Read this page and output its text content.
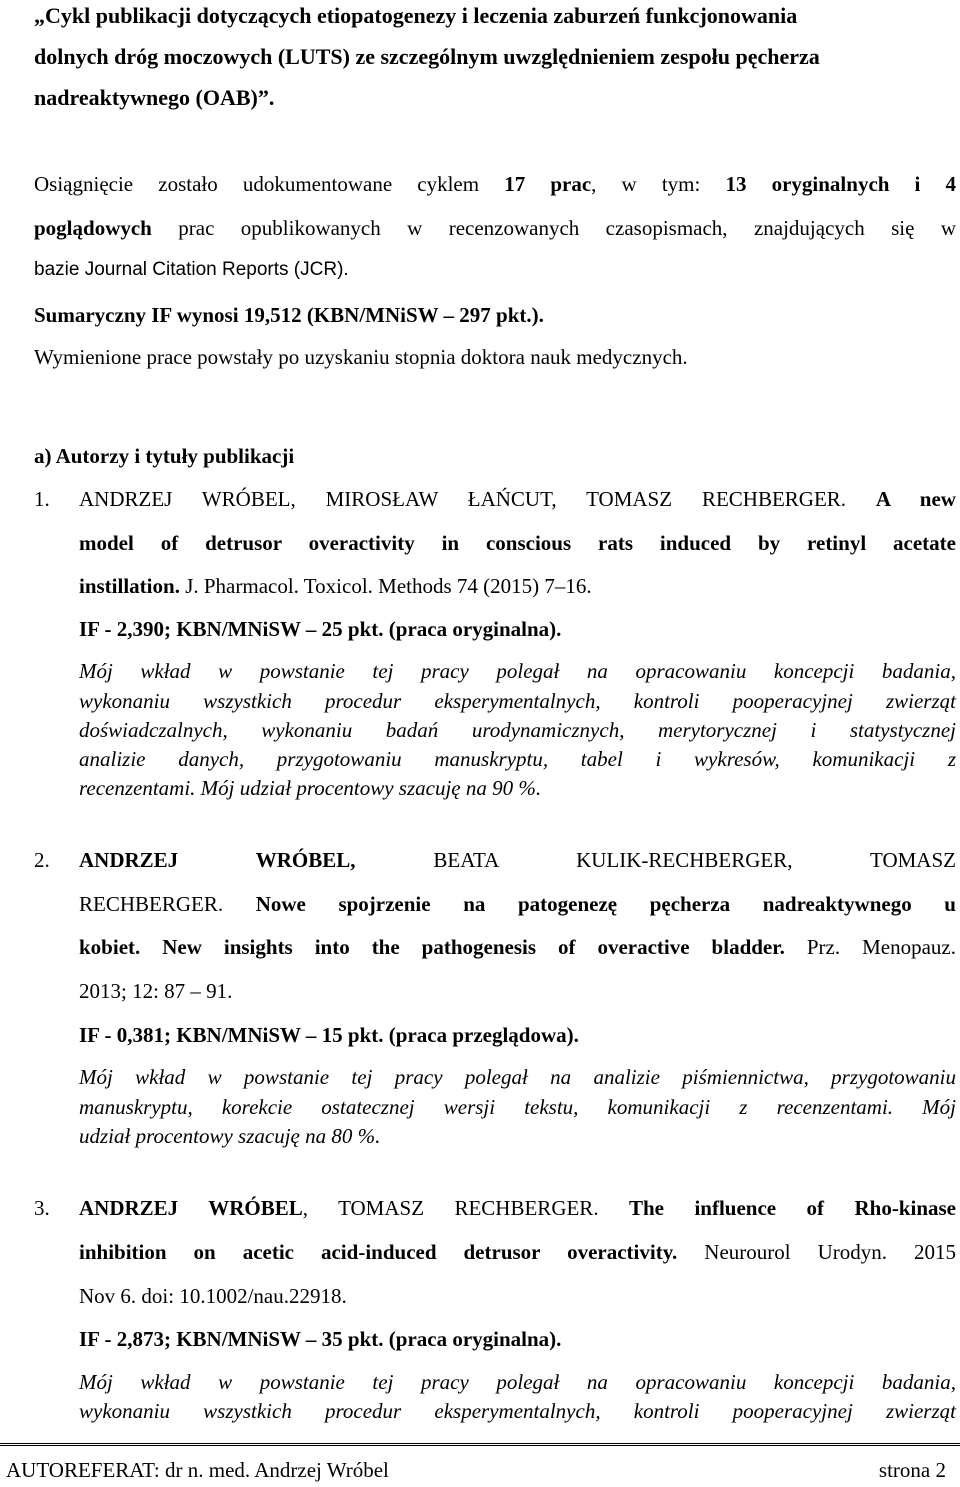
„Cykl publikacji dotyczących etiopatogenezy i leczenia zaburzeń funkcjonowania

dolnych dróg moczowych (LUTS) ze szczególnym uwzględnieniem zespołu pęcherza

nadreaktywnego (OAB)”.

Osiągnięcie zostało udokumentowane cyklem 17 prac, w tym: 13 oryginalnych i 4

poglądowych prac opublikowanych w recenzowanych czasopismach, znajdujących się w

bazie Journal Citation Reports (JCR).

Sumaryczny IF wynosi 19,512 (KBN/MNiSW – 297 pkt.).

Wymienione prace powstały po uzyskaniu stopnia doktora nauk medycznych.

a) Autorzy i tytuły publikacji

1. ANDRZEJ WRÓBEL, MIROSŁAW ŁAŃCUT, TOMASZ RECHBERGER. A new

model of detrusor overactivity in conscious rats induced by retinyl acetate

instillation. J. Pharmacol. Toxicol. Methods 74 (2015) 7–16.

IF - 2,390; KBN/MNiSW – 25 pkt. (praca oryginalna).

Mój wkład w powstanie tej pracy polegał na opracowaniu koncepcji badania,

wykonaniu wszystkich procedur eksperymentalnych, kontroli pooperacyjnej zwierząt

doświadczalnych, wykonaniu badań urodynamicznych, merytorycznej i statystycznej

analizie danych, przygotowaniu manuskryptu, tabel i wykresów, komunikacji z

recenzentami. Mój udział procentowy szacuję na 90 %.

2. ANDRZEJ WRÓBEL, BEATA KULIK-RECHBERGER, TOMASZ

RECHBERGER. Nowe spojrzenie na patogenezę pęcherza nadreaktywnego u

kobiet. New insights into the pathogenesis of overactive bladder. Prz. Menopauz.

2013; 12: 87 – 91.

IF - 0,381; KBN/MNiSW – 15 pkt. (praca przeglądowa).

Mój wkład w powstanie tej pracy polegał na analizie piśmiennictwa, przygotowaniu

manuskryptu, korekcie ostatecznej wersji tekstu, komunikacji z recenzentami. Mój

udział procentowy szacuję na 80 %.

3. ANDRZEJ WRÓBEL, TOMASZ RECHBERGER. The influence of Rho-kinase

inhibition on acetic acid-induced detrusor overactivity. Neurourol Urodyn. 2015

Nov 6. doi: 10.1002/nau.22918.

IF - 2,873; KBN/MNiSW – 35 pkt. (praca oryginalna).

Mój wkład w powstanie tej pracy polegał na opracowaniu koncepcji badania,

wykonaniu wszystkich procedur eksperymentalnych, kontroli pooperacyjnej zwierząt

AUTOREFERAT: dr n. med. Andrzej Wróbel	strona 2
